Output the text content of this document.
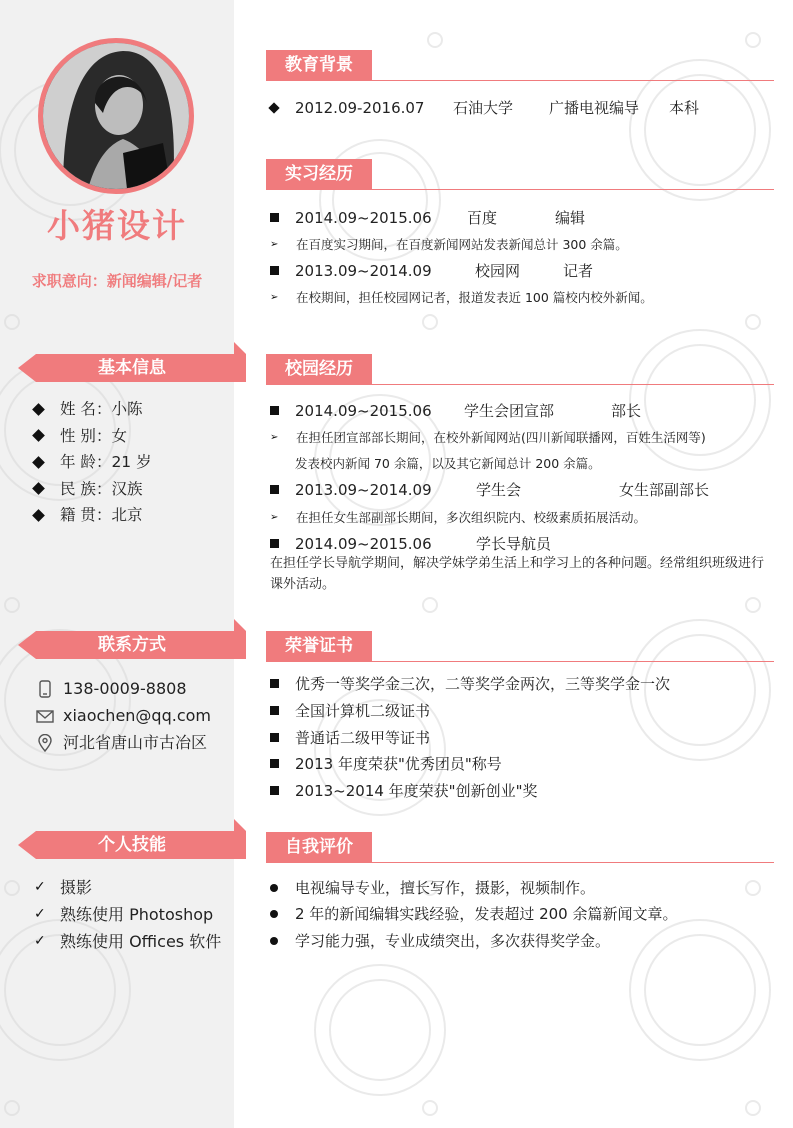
小猪设计
求职意向：新闻编辑/记者
基本信息
姓 名 ：小陈
性 别 ：女
年 龄 ：21 岁
民 族 ：汉族
籍 贯 ：北京
联系方式
138-0009-8808
xiaochen@qq.com
河北省唐山市古冶区
个人技能
✓ 摄影
✓ 熟练使用 Photoshop
✓ 熟练使用 Offices 软件
教育背景
2012.09-2016.07	石油大学	广播电视编导	本科
实习经历
2014.09~2015.06	百度	编辑
➢ 在百度实习期间，在百度新闻网站发表新闻总计 300 余篇。
2013.09~2014.09	校园网	记者
➢ 在校期间，担任校园网记者，报道发表近 100 篇校内校外新闻。
校园经历
2014.09~2015.06	学生会团宣部	部长
➢ 在担任团宣部部长期间，在校外新闻网站(四川新闻联播网，百姓生活网等)
发表校内新闻 70 余篇，以及其它新闻总计 200 余篇。
2013.09~2014.09	学生会	女生部副部长
➢ 在担任女生部副部长期间，多次组织院内、校级素质拓展活动。
2014.09~2015.06	学长导航员
在担任学长导航学期间，解决学妹学弟生活上和学习上的各种问题。经常组织班级进行课外活动。
荣誉证书
优秀一等奖学金三次，二等奖学金两次，三等奖学金一次
全国计算机二级证书
普通话二级甲等证书
2013 年度荣获"优秀团员"称号
2013~2014 年度荣获"创新创业"奖
自我评价
电视编导专业，擅长写作，摄影，视频制作。
2 年的新闻编辑实践经验，发表超过 200 余篇新闻文章。
学习能力强，专业成绩突出，多次获得奖学金。
